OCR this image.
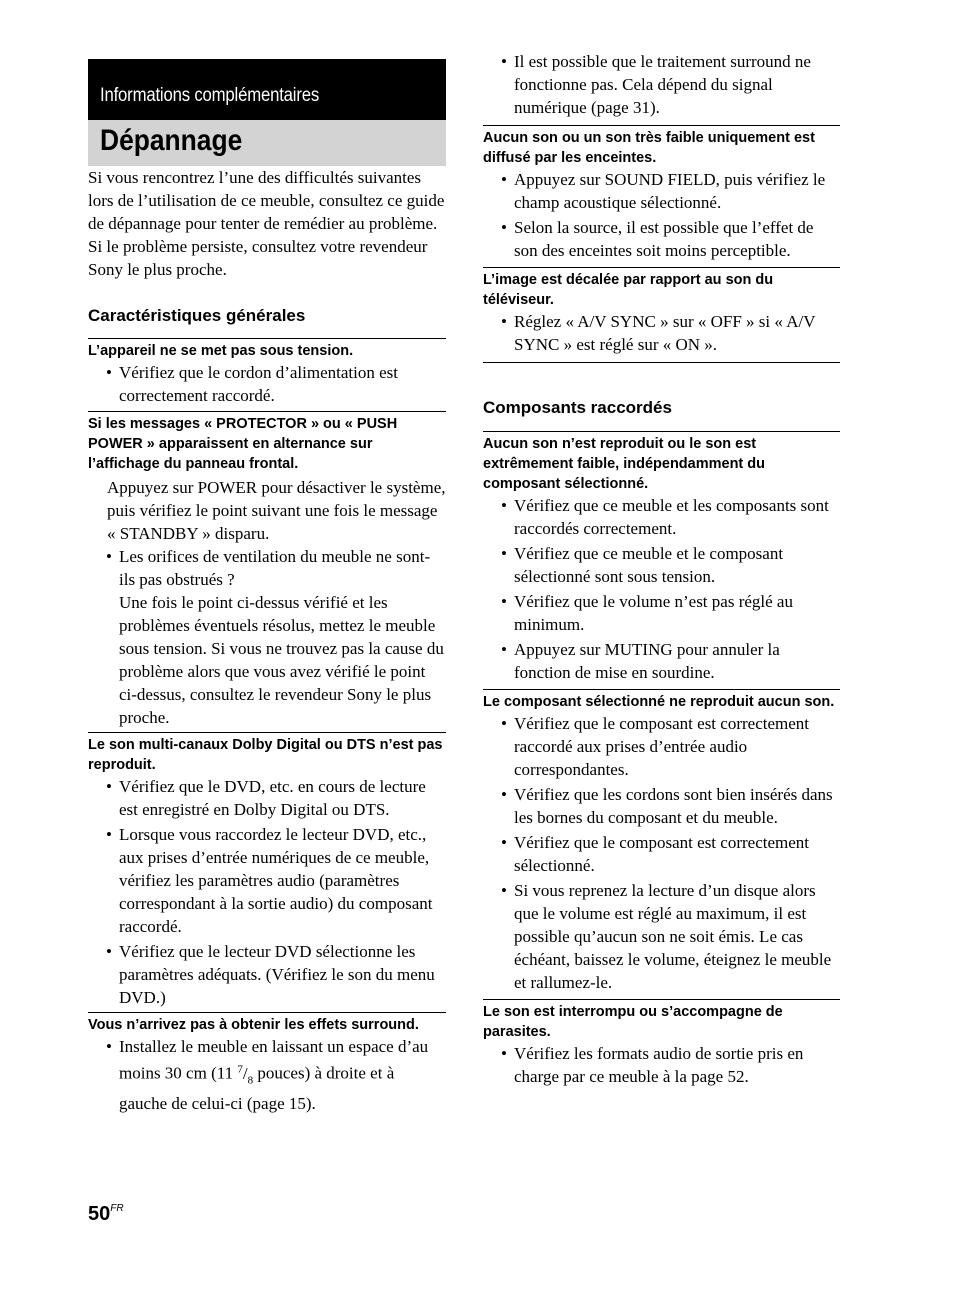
Informations complémentaires
Dépannage

Si vous rencontrez l’une des difficultés suivantes lors de l’utilisation de ce meuble, consultez ce guide de dépannage pour tenter de remédier au problème. Si le problème persiste, consultez votre revendeur Sony le plus proche.

Caractéristiques générales

L’appareil ne se met pas sous tension.

• Vérifiez que le cordon d’alimentation est correctement raccordé.

Si les messages « PROTECTOR » ou « PUSH POWER » apparaissent en alternance sur l’affichage du panneau frontal.

Appuyez sur POWER pour désactiver le système, puis vérifiez le point suivant une fois le message « STANDBY » disparu.

• Les orifices de ventilation du meuble ne sont-ils pas obstrués ?
Une fois le point ci-dessus vérifié et les problèmes éventuels résolus, mettez le meuble sous tension. Si vous ne trouvez pas la cause du problème alors que vous avez vérifié le point ci-dessus, consultez le revendeur Sony le plus proche.

Le son multi-canaux Dolby Digital ou DTS n’est pas reproduit.

• Vérifiez que le DVD, etc. en cours de lecture est enregistré en Dolby Digital ou DTS.
• Lorsque vous raccordez le lecteur DVD, etc., aux prises d’entrée numériques de ce meuble, vérifiez les paramètres audio (paramètres correspondant à la sortie audio) du composant raccordé.
• Vérifiez que le lecteur DVD sélectionne les paramètres adéquats. (Vérifiez le son du menu DVD.)

Vous n’arrivez pas à obtenir les effets surround.

• Installez le meuble en laissant un espace d’au moins 30 cm (11 $^7/_8$ pouces) à droite et à gauche de celui-ci (page 15).
• Il est possible que le traitement surround ne fonctionne pas. Cela dépend du signal numérique (page 31).

Aucun son ou un son très faible uniquement est diffusé par les enceintes.

• Appuyez sur SOUND FIELD, puis vérifiez le champ acoustique sélectionné.
• Selon la source, il est possible que l’effet de son des enceintes soit moins perceptible.

L’image est décalée par rapport au son du téléviseur.

• Réglez « A/V SYNC » sur « OFF » si « A/V SYNC » est réglé sur « ON ».
Composants raccordés

Aucun son n’est reproduit ou le son est extrêmement faible, indépendamment du composant sélectionné.

• Vérifiez que ce meuble et les composants sont raccordés correctement.
• Vérifiez que ce meuble et le composant sélectionné sont sous tension.
• Vérifiez que le volume n’est pas réglé au minimum.
• Appuyez sur MUTING pour annuler la fonction de mise en sourdine.

Le composant sélectionné ne reproduit aucun son.

• Vérifiez que le composant est correctement raccordé aux prises d’entrée audio correspondantes.
• Vérifiez que les cordons sont bien insérés dans les bornes du composant et du meuble.
• Vérifiez que le composant est correctement sélectionné.
• Si vous reprenez la lecture d’un disque alors que le volume est réglé au maximum, il est possible qu’aucun son ne soit émis. Le cas échéant, baissez le volume, éteignez le meuble et rallumez-le.

Le son est interrompu ou s’accompagne de parasites.

• Vérifiez les formats audio de sortie pris en charge par ce meuble à la page 52.
$50^{FR}$
